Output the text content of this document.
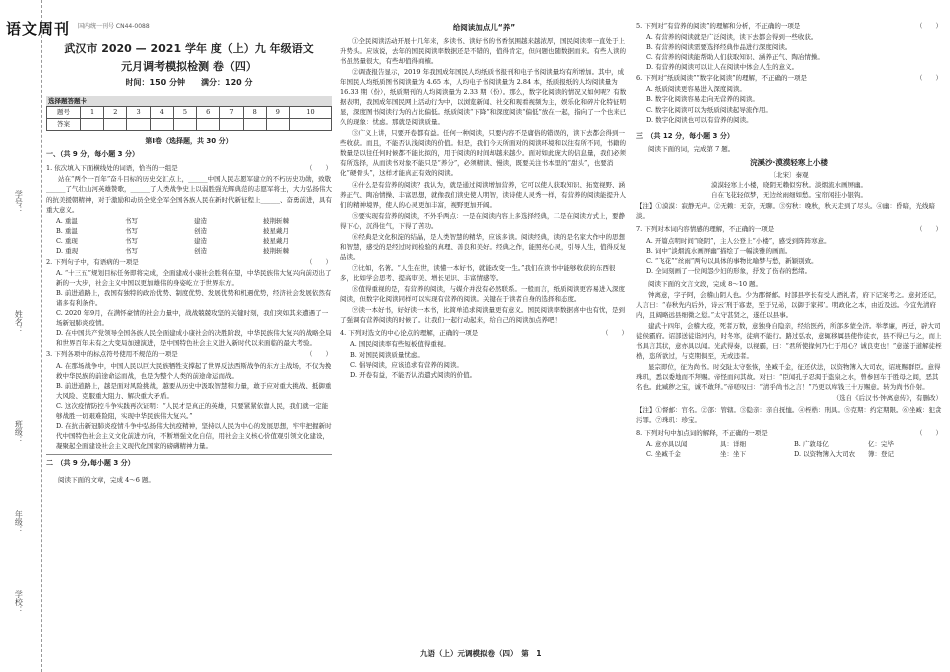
学号：
姓名：
班级：
年级：
学校：
语文周刊 国内统一刊号 CN44-0088
武汉市 2020 — 2021 学年 度（上）九 年级语文
元月调考模拟检测 卷（四）
时间：150 分钟　　满分：120 分
选择题答题卡
题号	1	2	3	4	5	6	7	8	9	10
答案										
第Ⅰ卷（选择题，共 30 分）
一、（共 9 分，每小题 3 分）

1. 依次填入下面横线处的词语，恰当的一组是	（　　）

站在“两个一百年”奋斗目标的历史交汇点上，______中国人民志愿军建立的不朽历史功勋，致敬______了气壮山河英雄赞歌，______了人类战争史上以弱胜强光辉典范的志愿军将士，大力弘扬伟大的抗美援朝精神，对于激励和动员全党全军全国各族人民在新时代新征程上______、奋勇前进，具有重大意义。

A. 重温	书写	建造	披荆斩棘
B. 重温	书写	创造	披星戴月
C. 重现	书写	建造	披星戴月
D. 重现	书写	创造	披荆斩棘

2. 下列句子中，有语病的一项是	（　　）

A. “十三五”规划目标任务即将完成，全面建成小康社会胜利在望，中华民族伟大复兴向前迈出了新的一大步，社会主义中国以更加雄伟的身姿屹立于世界东方。

B. 前进道路上，我国有独特的政治优势、制度优势、发展优势和机遇优势，经济社会发展依然有诸多有利条件。

C. 2020 年9月，在满怀豪情的社会力量中，战战兢兢攻坚的关键时刻，我们突如其来遭遇了一场新冠肺炎疫情。

D. 在中国共产党领导全国各族人民全面建成小康社会的决胜阶段，中华民族伟大复兴的战略全局和世界百年未有之大变局加速演进，是中国特色社会主义进入新时代以来面临的最大考验。

3. 下列各项中的标点符号使用不规范的一项是	（　　）

A. 在那场战争中，中国人民以巨大民族牺牲支撑起了世界反法西斯战争的东方主战场，不仅为挽救中华民族的前途命运而战，也是为整个人类的前途命运而战。

B. 前进道路上，越是面对风险挑战，越要从历史中汲取智慧和力量，敢于应对重大挑战、抵御重大风险、克服重大阻力、解决重大矛盾。

C. 这次疫情防控斗争实践再次证明：“人民才是真正的英雄，只要紧紧依靠人民，我们就一定能够战胜一切艰难险阻，实现中华民族伟大复兴。”

D. 在抗击新冠肺炎疫情斗争中弘扬伟大抗疫精神，坚持以人民为中心的发展思想，牢牢把握新时代中国特色社会主义文化前进方向，不断增强文化自信，用社会主义核心价值观引领文化建设，凝聚起全面建设社会主义现代化国家的磅礴精神力量。

二　（共 9 分,每小题 3 分）

阅读下面的文章，完成 4～6 题。

给阅读加点儿“养”

①全民阅读活动开展十几年来，多读书、读好书的书香氛围越来越浓厚，国民阅读率一直处于上升势头。应该说，去年的国民阅读率数据还是不错的，值得肯定，但问题也随数据而来。有些人读的书虽然量很大，有些却值得商榷。

②调查报告显示，2019 年我国成年国民人均纸质书报刊和电子书阅读量均有所增加。其中，成年国民人均纸质图书阅读量为 4.65 本，人均电子书阅读量为 2.84 本，纸质报纸的人均阅读量为 16.33 期（份），纸质期刊的人均阅读量为 2.33 期（份）。那么，数字化阅读的情况又如何呢？有数据表明，我国成年国民网上活动行为中，以浏览新闻、社交和观看视频为主，娱乐化和碎片化特征明显，深度图书阅读行为的占比偏低。纸质阅读“下降”和深度阅读“偏低”放在一起，指向了一个也来已久的现象：忧虑。那就是阅读质量。

③广义上讲，只要开卷都有益。任何一种阅读，只要内容不是庸俗的错误的，读下去都会得到一些收获。而且，不能否认浅阅读的价值。但是，我们今天所面对的阅读环境和以往有所不同，书籍的数量是以往任何时候都不能比拟的，用于阅读的时间却越来越少。面对如此庞大的信息量，我们必须有所选择，从而读书对象不能只是“养分”，必须精读、慢读，既要关注书本里的“甜头”，也要消化“硬骨头”，这样才能真正有效的阅读。

④什么是有营养的阅读？我认为，就是通过阅读增加营养，它可以使人获取知识、拓宽视野、涵养正气、陶冶情操、丰富思想，就像我们读史使人明智，读诗使人灵秀一样，有营养的阅读能提升人们的精神境界，使人的心灵更加丰富，视野更加开阔。

⑤要实现有营养的阅读，不外乎两点：一是在阅读内容上多选择经典，二是在阅读方式上，要静得下心，沉得住气，下得了苦功。

⑥经典是文化积淀的结晶，是人类智慧的精华，应该多读。阅读经典，读的是名家大作中的思想和智慧，感受的是经过时间检验的真理、善良和美好。经典之作，能照亮心灵，引导人生，值得反复品读。

⑦比如，名著。“人生在世，读懂一本好书，就能改变一生。”我们在读书中能够收获的东西很多，比如学会思考、提高审美、增长见识、丰富情感等。

⑧值得重视的是，有营养的阅读，与媒介并没有必然联系。一般而言，纸质阅读更容易进入深度阅读，但数字化阅读同样可以实现有营养的阅读。关键在于读者自身的选择和态度。

⑨读一本好书，好好读一本书，比简单追求阅读量更有意义。国民阅读率数据喜中也有忧，是到了强调有营养阅读的时候了。让我们一起行动起来，给自己的阅读加点养吧！

4. 下列对选文的中心论点的理解，正确的一项是	（　　）

A. 国民阅读率有些短板值得重视。

B. 对国民阅读质量忧虑。

C. 倡导阅读，应该追求有营养的阅读。

D. 开卷有益，不能否认消遣式阅读的价值。

5. 下列对“有营养的阅读”的理解和分析，不正确的一项是	（　　）

A. 有营养的阅读就是广泛阅读，读下去都会得到一些收获。

B. 有营养的阅读需要选择经典作品进行深度阅读。

C. 有营养的阅读能帮助人们获取知识、涵养正气、陶冶情操。

D. 有营养的阅读可以让人在阅读中体会人生的意义。

6. 下列对“纸质阅读”“数字化阅读”的理解，不正确的一项是	（　　）

A. 纸质阅读更容易进入深度阅读。

B. 数字化阅读容易走向无营养的阅读。

C. 数字化阅读可以为纸质阅读起导流作用。

D. 数字化阅读也可以有营养的阅读。

三　（共 12 分，每小题 3 分）

阅读下面的词，完成第 7 题。

浣溪沙·漠漠轻寒上小楼
〔北宋〕秦观
漠漠轻寒上小楼，晓阴无赖似穷秋。淡烟流水画屏幽。
自在飞花轻似梦，无边丝雨细如愁。宝帘闲挂小银钩。

【注】①漠漠：寂静无声。②无赖：无奈，无聊。③穷秋：晚秋，秋天走到了尽头。④幽：昏暗，光线暗淡。

7. 下列对本词内容情感的理解，不正确的一项是	（　　）

A. 开篇点明时间“晓阴”，主人公登上“小楼”，感受到阵阵寒意。

B. 词中“淡烟流水画屏幽”描绘了一幅淡雅的画面。

C. “飞花”“丝雨”两句以具体的事物比喻梦与愁，新颖别致。

D. 全词刻画了一位闺怨少妇的形象，抒发了伤春的愁绪。

阅读下面的文言文段，完成 8～10 题。

钟离意，字子阿，会稽山阴人也。少为郡督邮。时部县亭长有受人酒礼者，府下记案考之。意封还记，人言曰：“春秋先内后外，诗云‘刑于寡妻，至于兄弟，以御于家邦’。明政化之本，由近及远。今宜先清府内，且阔略远县细微之愆。”太守甚贤之，遂任以县事。

建武十四年，会稽大疫，死者万数，意独身自隐亲，经给医药，所部多蒙全济。举孝廉，再迁，辟大司徒侯霸府。诏部送徒诣河内，时冬寒，徒病不能行。路过弘农，意辄移属县使作徒衣，县不得已与之，而上书具言其状，意亦具以闻。光武得奏，以视霸，曰：“君所使掾何乃仁于用心？诚良吏也！”意遂于道解徒桎梏，恣所欲过，与克期俱至，无或违者。

显宗即位，征为尚书。时交阯太守张恢，坐臧千金，征还伏法，以资物簿入大司农，诏班赐群臣。意得珠玑，悉以委地而不拜赐。帝怪而问其故。对曰：“臣闻孔子忍渴于盗泉之水，曾参回车于胜母之闾，恶其名也。此臧秽之宝，诚不敢拜。”帝嗟叹曰：“清乎尚书之言！”乃更以库钱三十万赐意。转为尚书仆射。

（选自《后汉书·钟离意传》，有删改）

【注】①督邮：官名。②部：管辖。③隐亲：亲自抚恤。④桎梏：刑具。⑤克期：约定期限。⑥坐臧：犯贪污罪。⑦珠玑：珍宝。

8. 下列对句中加点词的解释，不正确的一项是	（　　）

A. 意亦具以闻	具：详细	B. 广敦母亿	亿：完毕
C. 坐臧千金	坐：坐下	D. 以资物簿入大司农	簿：登记
九语（上）元调模拟卷（四）　第　1
